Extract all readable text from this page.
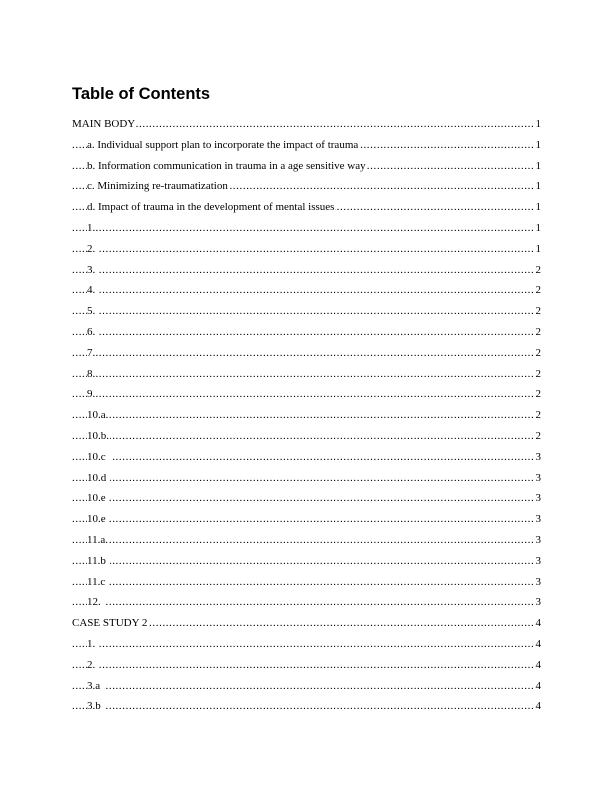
Table of Contents
.....
MAIN BODY	1
.....
a. Individual support plan to incorporate the impact of trauma	1
.....
b. Information communication in trauma in a age sensitive way	1
.....
c. Minimizing re-traumatization	1
.....
d. Impact of trauma in the development of mental issues	1
.....
1.	1
.....
2.	1
.....
3.	2
.....
4.	2
.....
5.	2
.....
6.	2
.....
7.	2
.....
8.	2
.....
9.	2
.....
10.a.	2
.....
10.b.	2
.....
10.c	3
.....
10.d	3
.....
10.e	3
.....
10.e	3
.....
11.a.	3
.....
11.b	3
.....
11.c	3
.....
12.	3
.....
CASE STUDY 2	4
.....
1.	4
.....
2.	4
.....
3.a	4
.....
3.b	4
